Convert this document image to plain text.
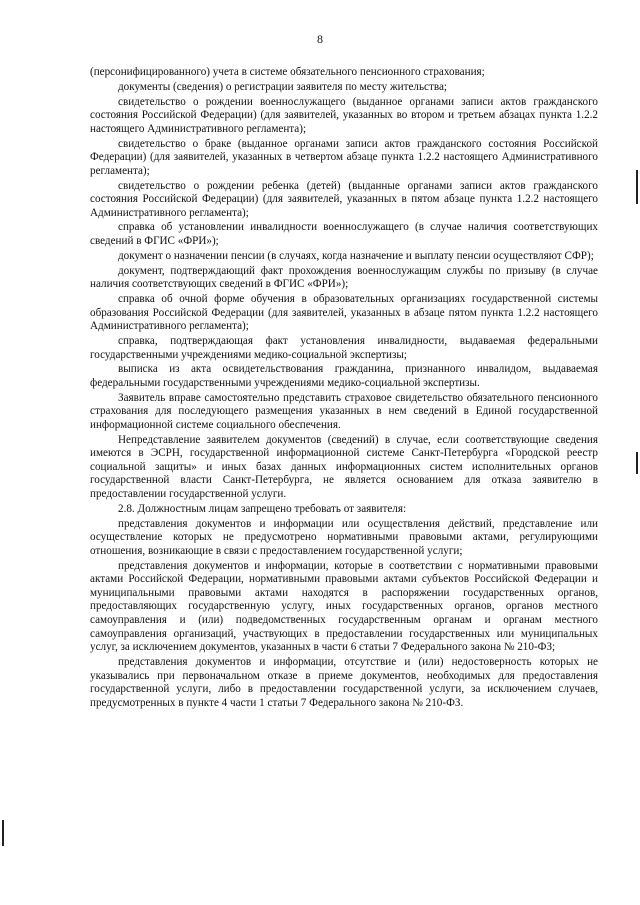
8

(персонифицированного) учета в системе обязательного пенсионного страхования;

документы (сведения) о регистрации заявителя по месту жительства;

свидетельство о рождении военнослужащего (выданное органами записи актов гражданского состояния Российской Федерации) (для заявителей, указанных во втором и третьем абзацах пункта 1.2.2 настоящего Административного регламента);

свидетельство о браке (выданное органами записи актов гражданского состояния Российской Федерации) (для заявителей, указанных в четвертом абзаце пункта 1.2.2 настоящего Административного регламента);

свидетельство о рождении ребенка (детей) (выданные органами записи актов гражданского состояния Российской Федерации) (для заявителей, указанных в пятом абзаце пункта 1.2.2 настоящего Административного регламента);

справка об установлении инвалидности военнослужащего (в случае наличия соответствующих сведений в ФГИС «ФРИ»);

документ о назначении пенсии (в случаях, когда назначение и выплату пенсии осуществляют СФР);

документ, подтверждающий факт прохождения военнослужащим службы по призыву (в случае наличия соответствующих сведений в ФГИС «ФРИ»);

справка об очной форме обучения в образовательных организациях государственной системы образования Российской Федерации (для заявителей, указанных в абзаце пятом пункта 1.2.2 настоящего Административного регламента);

справка, подтверждающая факт установления инвалидности, выдаваемая федеральными государственными учреждениями медико-социальной экспертизы;

выписка из акта освидетельствования гражданина, признанного инвалидом, выдаваемая федеральными государственными учреждениями медико-социальной экспертизы.

Заявитель вправе самостоятельно представить страховое свидетельство обязательного пенсионного страхования для последующего размещения указанных в нем сведений в Единой государственной информационной системе социального обеспечения.

Непредставление заявителем документов (сведений) в случае, если соответствующие сведения имеются в ЭСРН, государственной информационной системе Санкт-Петербурга «Городской реестр социальной защиты» и иных базах данных информационных систем исполнительных органов государственной власти Санкт-Петербурга, не является основанием для отказа заявителю в предоставлении государственной услуги.

2.8. Должностным лицам запрещено требовать от заявителя:

представления документов и информации или осуществления действий, представление или осуществление которых не предусмотрено нормативными правовыми актами, регулирующими отношения, возникающие в связи с предоставлением государственной услуги;

представления документов и информации, которые в соответствии с нормативными правовыми актами Российской Федерации, нормативными правовыми актами субъектов Российской Федерации и муниципальными правовыми актами находятся в распоряжении государственных органов, предоставляющих государственную услугу, иных государственных органов, органов местного самоуправления и (или) подведомственных государственным органам и органам местного самоуправления организаций, участвующих в предоставлении государственных или муниципальных услуг, за исключением документов, указанных в части 6 статьи 7 Федерального закона № 210-ФЗ;

представления документов и информации, отсутствие и (или) недостоверность которых не указывались при первоначальном отказе в приеме документов, необходимых для предоставления государственной услуги, либо в предоставлении государственной услуги, за исключением случаев, предусмотренных в пункте 4 части 1 статьи 7 Федерального закона № 210-ФЗ.
